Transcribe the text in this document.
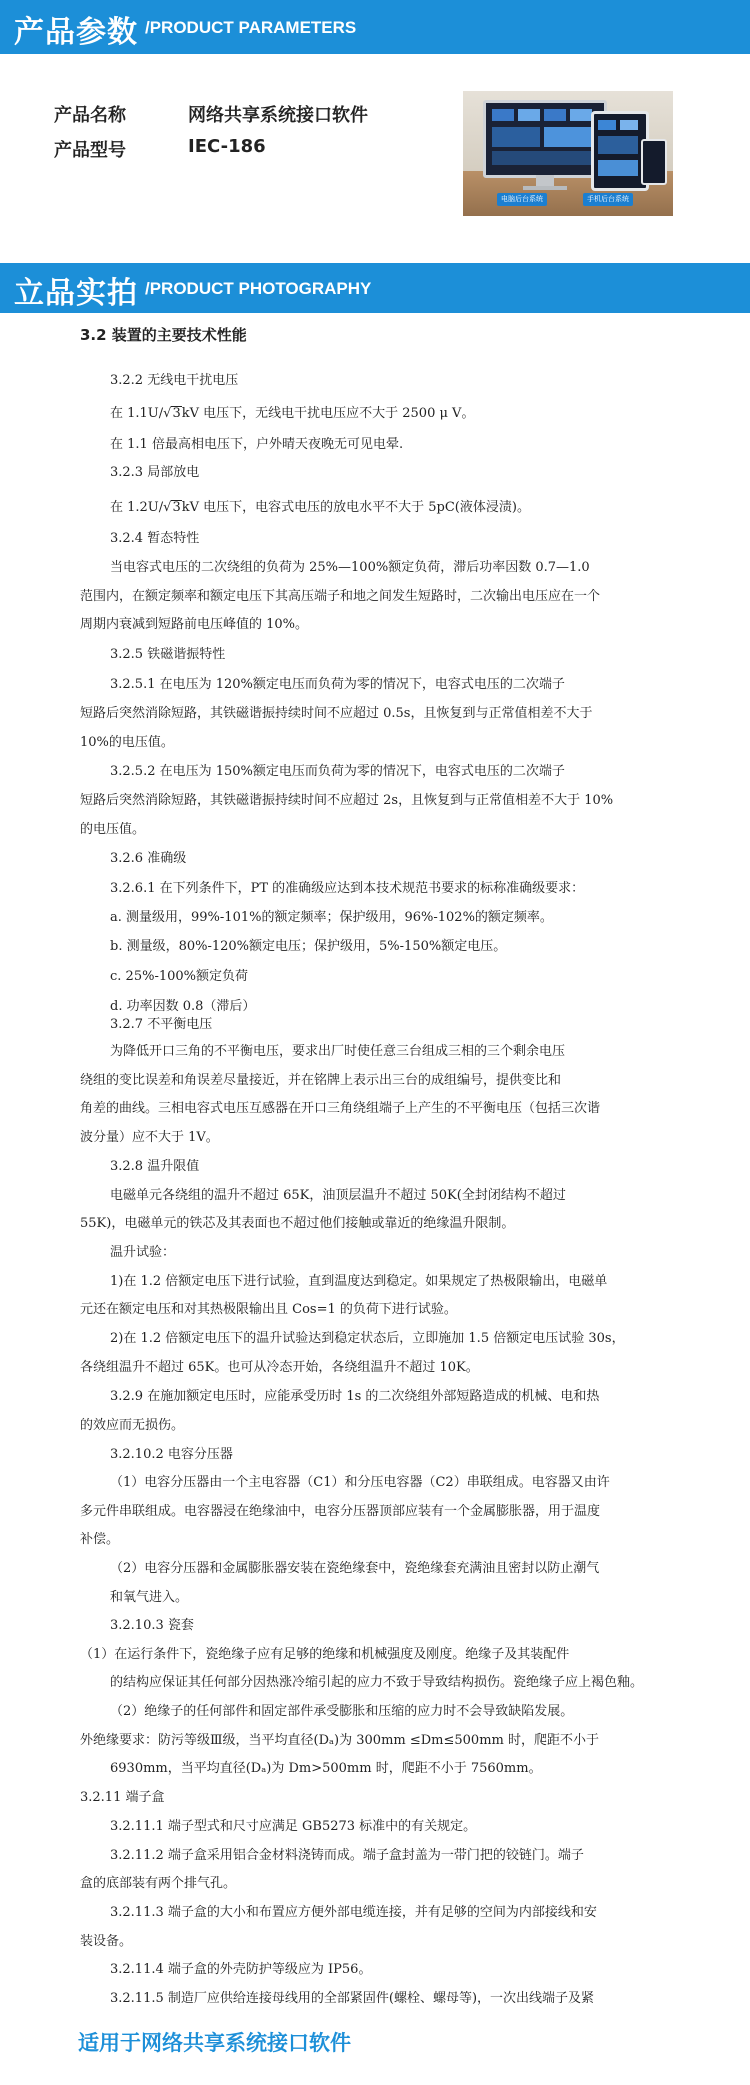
产品参数 /PRODUCT PARAMETERS
产品名称	网络共享系统接口软件
产品型号	IEC-186
电脑后台系统	手机后台系统
立品实拍 /PRODUCT PHOTOGRAPHY
3.2 装置的主要技术性能
3.2.2 无线电干扰电压
在 1.1U/√3kV 电压下，无线电干扰电压应不大于 2500 μ V。
在 1.1 倍最高相电压下，户外晴天夜晚无可见电晕.
3.2.3 局部放电
在 1.2U/√3kV 电压下，电容式电压的放电水平不大于 5pC(液体浸渍)。
3.2.4 暂态特性
当电容式电压的二次绕组的负荷为 25%—100%额定负荷，滞后功率因数 0.7—1.0
范围内，在额定频率和额定电压下其高压端子和地之间发生短路时，二次输出电压应在一个
周期内衰减到短路前电压峰值的 10%。
3.2.5 铁磁谐振特性
3.2.5.1 在电压为 120%额定电压而负荷为零的情况下，电容式电压的二次端子
短路后突然消除短路，其铁磁谐振持续时间不应超过 0.5s，且恢复到与正常值相差不大于
10%的电压值。
3.2.5.2 在电压为 150%额定电压而负荷为零的情况下，电容式电压的二次端子
短路后突然消除短路，其铁磁谐振持续时间不应超过 2s，且恢复到与正常值相差不大于 10%
的电压值。
3.2.6 准确级
3.2.6.1 在下列条件下，PT 的准确级应达到本技术规范书要求的标称准确级要求：
a. 测量级用，99%-101%的额定频率；保护级用，96%-102%的额定频率。
b. 测量级，80%-120%额定电压；保护级用，5%-150%额定电压。
c. 25%-100%额定负荷
d. 功率因数 0.8（滞后）
3.2.7 不平衡电压
为降低开口三角的不平衡电压，要求出厂时使任意三台组成三相的三个剩余电压
绕组的变比误差和角误差尽量接近，并在铭牌上表示出三台的成组编号，提供变比和
角差的曲线。三相电容式电压互感器在开口三角绕组端子上产生的不平衡电压（包括三次谐
波分量）应不大于 1V。
3.2.8 温升限值
电磁单元各绕组的温升不超过 65K，油顶层温升不超过 50K(全封闭结构不超过
55K)，电磁单元的铁芯及其表面也不超过他们接触或靠近的绝缘温升限制。
温升试验：
1)在 1.2 倍额定电压下进行试验，直到温度达到稳定。如果规定了热极限输出，电磁单
元还在额定电压和对其热极限输出且 Cos=1 的负荷下进行试验。
2)在 1.2 倍额定电压下的温升试验达到稳定状态后，立即施加 1.5 倍额定电压试验 30s，
各绕组温升不超过 65K。也可从冷态开始，各绕组温升不超过 10K。
3.2.9 在施加额定电压时，应能承受历时 1s 的二次绕组外部短路造成的机械、电和热
的效应而无损伤。
3.2.10.2 电容分压器
（1）电容分压器由一个主电容器（C1）和分压电容器（C2）串联组成。电容器又由许
多元件串联组成。电容器浸在绝缘油中，电容分压器顶部应装有一个金属膨胀器，用于温度
补偿。
（2）电容分压器和金属膨胀器安装在瓷绝缘套中，瓷绝缘套充满油且密封以防止潮气
和氧气进入。
3.2.10.3 瓷套
（1）在运行条件下，瓷绝缘子应有足够的绝缘和机械强度及刚度。绝缘子及其装配件
的结构应保证其任何部分因热涨冷缩引起的应力不致于导致结构损伤。瓷绝缘子应上褐色釉。
（2）绝缘子的任何部件和固定部件承受膨胀和压缩的应力时不会导致缺陷发展。
外绝缘要求：防污等级Ⅲ级，当平均直径(Dₐ)为 300mm ≤Dm≤500mm 时，爬距不小于
6930mm，当平均直径(Dₐ)为 Dm>500mm 时，爬距不小于 7560mm。
3.2.11 端子盒
3.2.11.1 端子型式和尺寸应满足 GB5273 标准中的有关规定。
3.2.11.2 端子盒采用铝合金材料浇铸而成。端子盒封盖为一带门把的铰链门。端子
盒的底部装有两个排气孔。
3.2.11.3 端子盒的大小和布置应方便外部电缆连接，并有足够的空间为内部接线和安
装设备。
3.2.11.4 端子盒的外壳防护等级应为 IP56。
3.2.11.5 制造厂应供给连接母线用的全部紧固件(螺栓、螺母等)，一次出线端子及紧
适用于网络共享系统接口软件
